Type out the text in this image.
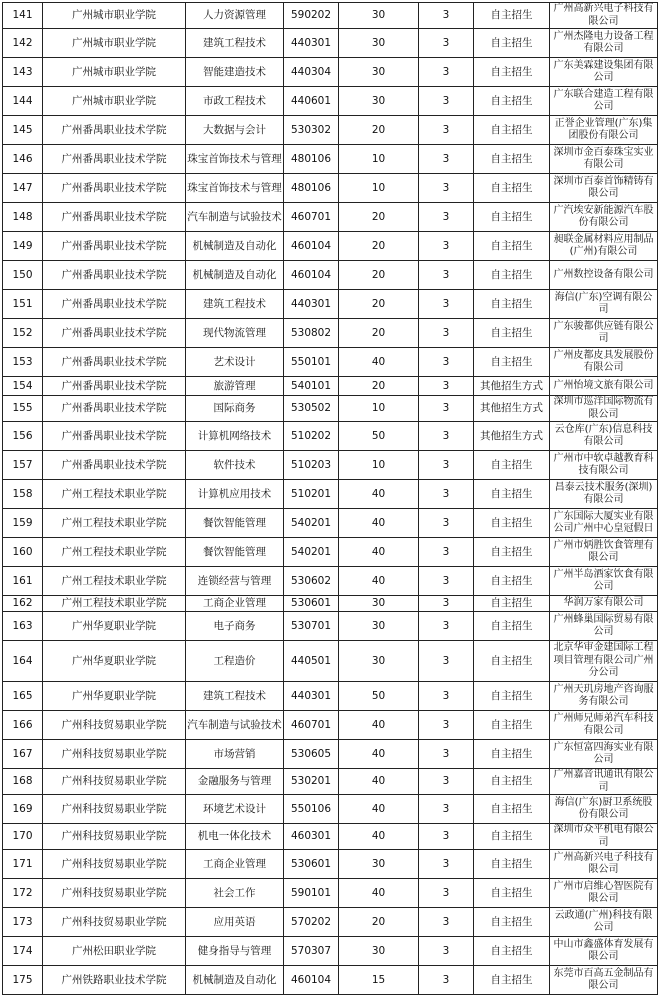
141	广州城市职业学院	人力资源管理	590202	30	3	自主招生	广州高新兴电子科技有限公司
142	广州城市职业学院	建筑工程技术	440301	30	3	自主招生	广州杰隆电力设备工程有限公司
143	广州城市职业学院	智能建造技术	440304	30	3	自主招生	广东美霖建设集团有限公司
144	广州城市职业学院	市政工程技术	440601	30	3	自主招生	广东联合建造工程有限公司
145	广州番禺职业技术学院	大数据与会计	530302	20	3	自主招生	正誉企业管理(广东)集团股份有限公司
146	广州番禺职业技术学院	珠宝首饰技术与管理	480106	10	3	自主招生	深圳市金百泰珠宝实业有限公司
147	广州番禺职业技术学院	珠宝首饰技术与管理	480106	10	3	自主招生	深圳市百泰首饰精铸有限公司
148	广州番禺职业技术学院	汽车制造与试验技术	460701	20	3	自主招生	广汽埃安新能源汽车股份有限公司
149	广州番禺职业技术学院	机械制造及自动化	460104	20	3	自主招生	昶联金属材料应用制品(广州)有限公司
150	广州番禺职业技术学院	机械制造及自动化	460104	20	3	自主招生	广州数控设备有限公司
151	广州番禺职业技术学院	建筑工程技术	440301	20	3	自主招生	海信(广东)空调有限公司
152	广州番禺职业技术学院	现代物流管理	530802	20	3	自主招生	广东骏都供应链有限公司
153	广州番禺职业技术学院	艺术设计	550101	40	3	自主招生	广州皮都皮具发展股份有限公司
154	广州番禺职业技术学院	旅游管理	540101	20	3	其他招生方式	广州怡境文旅有限公司
155	广州番禺职业技术学院	国际商务	530502	10	3	其他招生方式	深圳市巡洋国际物流有限公司
156	广州番禺职业技术学院	计算机网络技术	510202	50	3	其他招生方式	云仓库(广东)信息科技有限公司
157	广州番禺职业技术学院	软件技术	510203	10	3	自主招生	广州市中软卓越教育科技有限公司
158	广州工程技术职业学院	计算机应用技术	510201	40	3	自主招生	昌泰云技术服务(深圳)有限公司
159	广州工程技术职业学院	餐饮智能管理	540201	40	3	自主招生	广东国际大厦实业有限公司广州中心皇冠假日
160	广州工程技术职业学院	餐饮智能管理	540201	40	3	自主招生	广州市炳胜饮食管理有限公司
161	广州工程技术职业学院	连锁经营与管理	530602	40	3	自主招生	广州半岛酒家饮食有限公司
162	广州工程技术职业学院	工商企业管理	530601	30	3	自主招生	华润万家有限公司
163	广州华夏职业学院	电子商务	530701	30	3	自主招生	广州蜂巢国际贸易有限公司
164	广州华夏职业学院	工程造价	440501	30	3	自主招生	北京华审金建国际工程项目管理有限公司广州分公司
165	广州华夏职业学院	建筑工程技术	440301	50	3	自主招生	广州天玑房地产咨询服务有限公司
166	广州科技贸易职业学院	汽车制造与试验技术	460701	40	3	自主招生	广州师兄师弟汽车科技有限公司
167	广州科技贸易职业学院	市场营销	530605	40	3	自主招生	广东恒富四海实业有限公司
168	广州科技贸易职业学院	金融服务与管理	530201	40	3	自主招生	广州嘉音讯通讯有限公司
169	广州科技贸易职业学院	环境艺术设计	550106	40	3	自主招生	海信(广东)厨卫系统股份有限公司
170	广州科技贸易职业学院	机电一体化技术	460301	40	3	自主招生	深圳市众平机电有限公司
171	广州科技贸易职业学院	工商企业管理	530601	30	3	自主招生	广州高新兴电子科技有限公司
172	广州科技贸易职业学院	社会工作	590101	40	3	自主招生	广州市启维心智医院有限公司
173	广州科技贸易职业学院	应用英语	570202	20	3	自主招生	云政通(广州)科技有限公司
174	广州松田职业学院	健身指导与管理	570307	30	3	自主招生	中山市鑫盛体育发展有限公司
175	广州铁路职业技术学院	机械制造及自动化	460104	15	3	自主招生	东莞市百高五金制品有限公司
